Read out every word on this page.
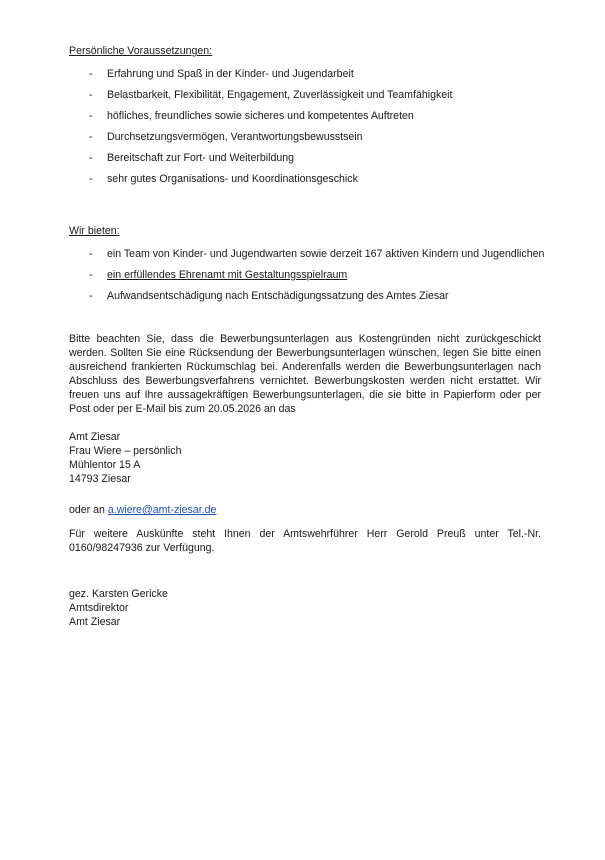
Persönliche Voraussetzungen:
- Erfahrung und Spaß in der Kinder- und Jugendarbeit
- Belastbarkeit, Flexibilität, Engagement, Zuverlässigkeit und Teamfähigkeit
- höfliches, freundliches sowie sicheres und kompetentes Auftreten
- Durchsetzungsvermögen, Verantwortungsbewusstsein
- Bereitschaft zur Fort- und Weiterbildung
- sehr gutes Organisations- und Koordinationsgeschick
Wir bieten:
- ein Team von Kinder- und Jugendwarten sowie derzeit 167 aktiven Kindern und Jugendlichen
- ein erfüllendes Ehrenamt mit Gestaltungsspielraum
- Aufwandsentschädigung nach Entschädigungssatzung des Amtes Ziesar

Bitte beachten Sie, dass die Bewerbungsunterlagen aus Kostengründen nicht zurückgeschickt werden. Sollten Sie eine Rücksendung der Bewerbungsunterlagen wünschen, legen Sie bitte einen ausreichend frankierten Rückumschlag bei. Anderenfalls werden die Bewerbungsunterlagen nach Abschluss des Bewerbungsverfahrens vernichtet. Bewerbungskosten werden nicht erstattet. Wir freuen uns auf Ihre aussagekräftigen Bewerbungsunterlagen, die sie bitte in Papierform oder per Post oder per E-Mail bis zum 20.05.2026 an das

Amt Ziesar
Frau Wiere – persönlich
Mühlentor 15 A
14793 Ziesar
oder an a.wiere@amt-ziesar.de

Für weitere Auskünfte steht Ihnen der Amtswehrführer Herr Gerold Preuß unter Tel.-Nr. 0160/98247936 zur Verfügung.

gez. Karsten Gericke
Amtsdirektor
Amt Ziesar
